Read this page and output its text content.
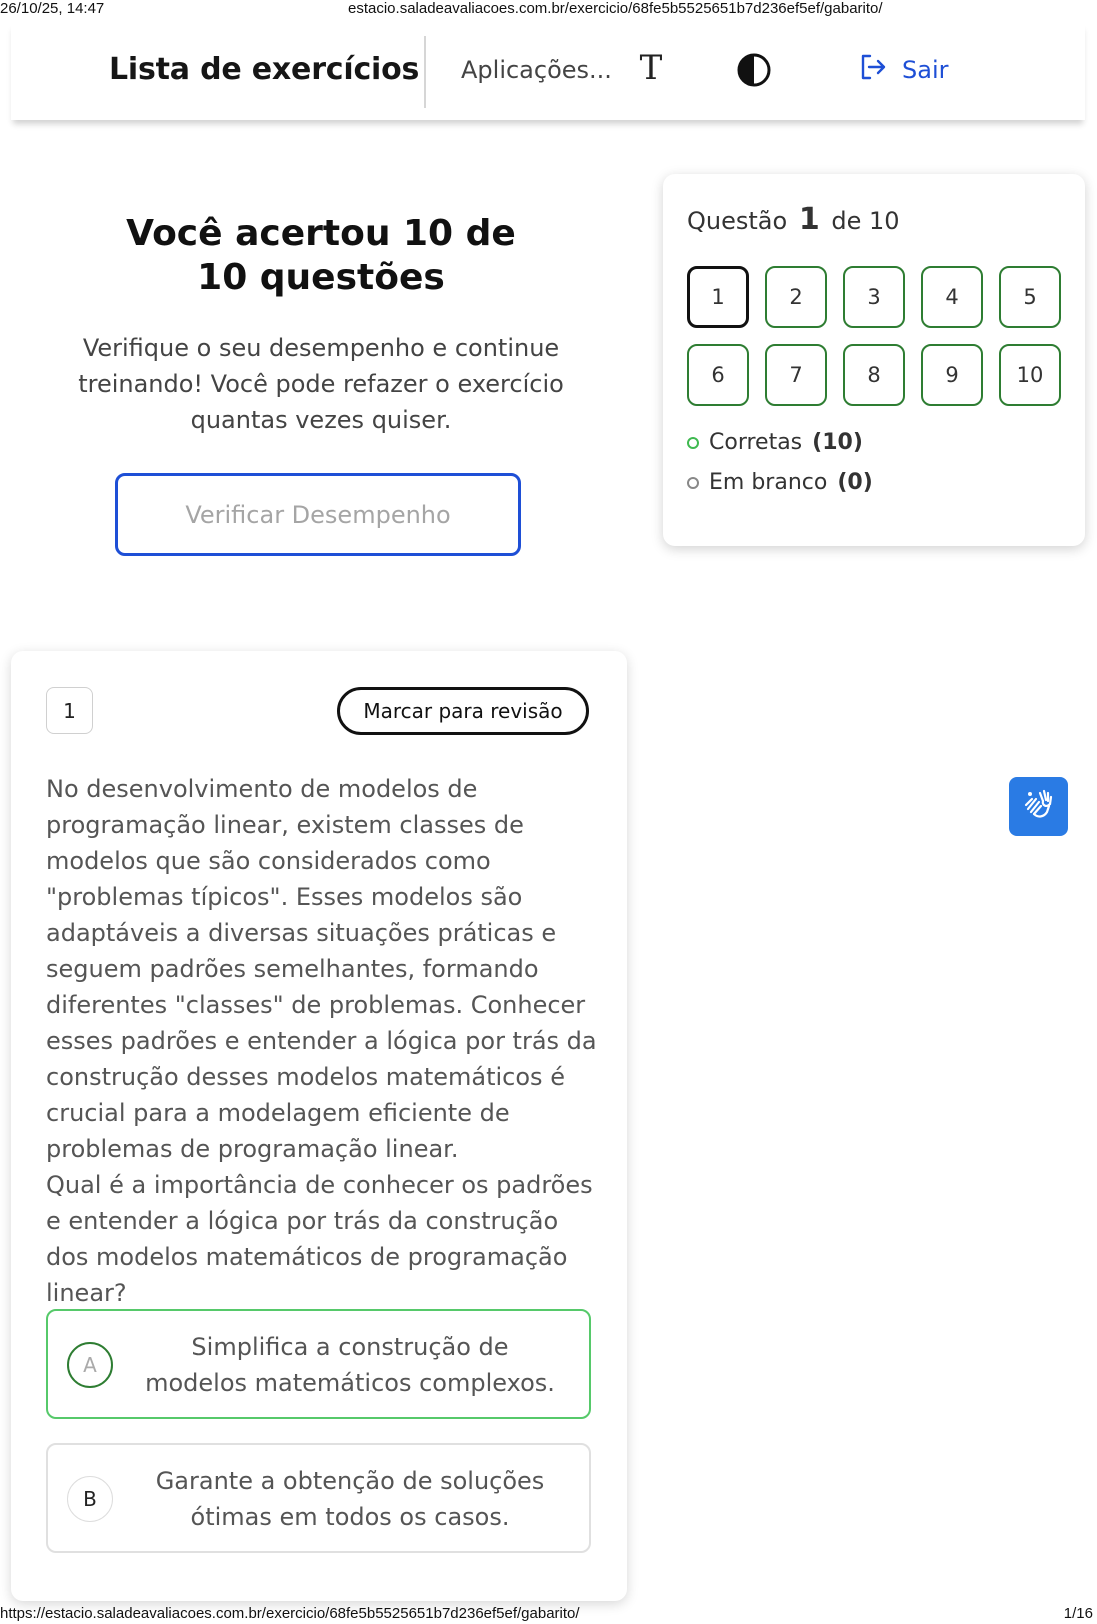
26/10/25, 14:47	estacio.saladeavaliacoes.com.br/exercicio/68fe5b5525651b7d236ef5ef/gabarito/
Lista de exercícios Aplicações... T	Sair
Você acertou 10 de 10 questões
Verifique o seu desempenho e continue treinando! Você pode refazer o exercício quantas vezes quiser.
Verificar Desempenho
Questão 1 de 10
1	2	3	4	5
6	7	8	9	10
Corretas (10)
Em branco (0)
1	Marcar para revisão

No desenvolvimento de modelos de programação linear, existem classes de modelos que são considerados como "problemas típicos". Esses modelos são adaptáveis a diversas situações práticas e seguem padrões semelhantes, formando diferentes "classes" de problemas. Conhecer esses padrões e entender a lógica por trás da construção desses modelos matemáticos é crucial para a modelagem eficiente de problemas de programação linear.

Qual é a importância de conhecer os padrões e entender a lógica por trás da construção dos modelos matemáticos de programação linear?

A
Simplifica a construção de modelos matemáticos complexos.
B
Garante a obtenção de soluções ótimas em todos os casos.
https://estacio.saladeavaliacoes.com.br/exercicio/68fe5b5525651b7d236ef5ef/gabarito/	1/16
